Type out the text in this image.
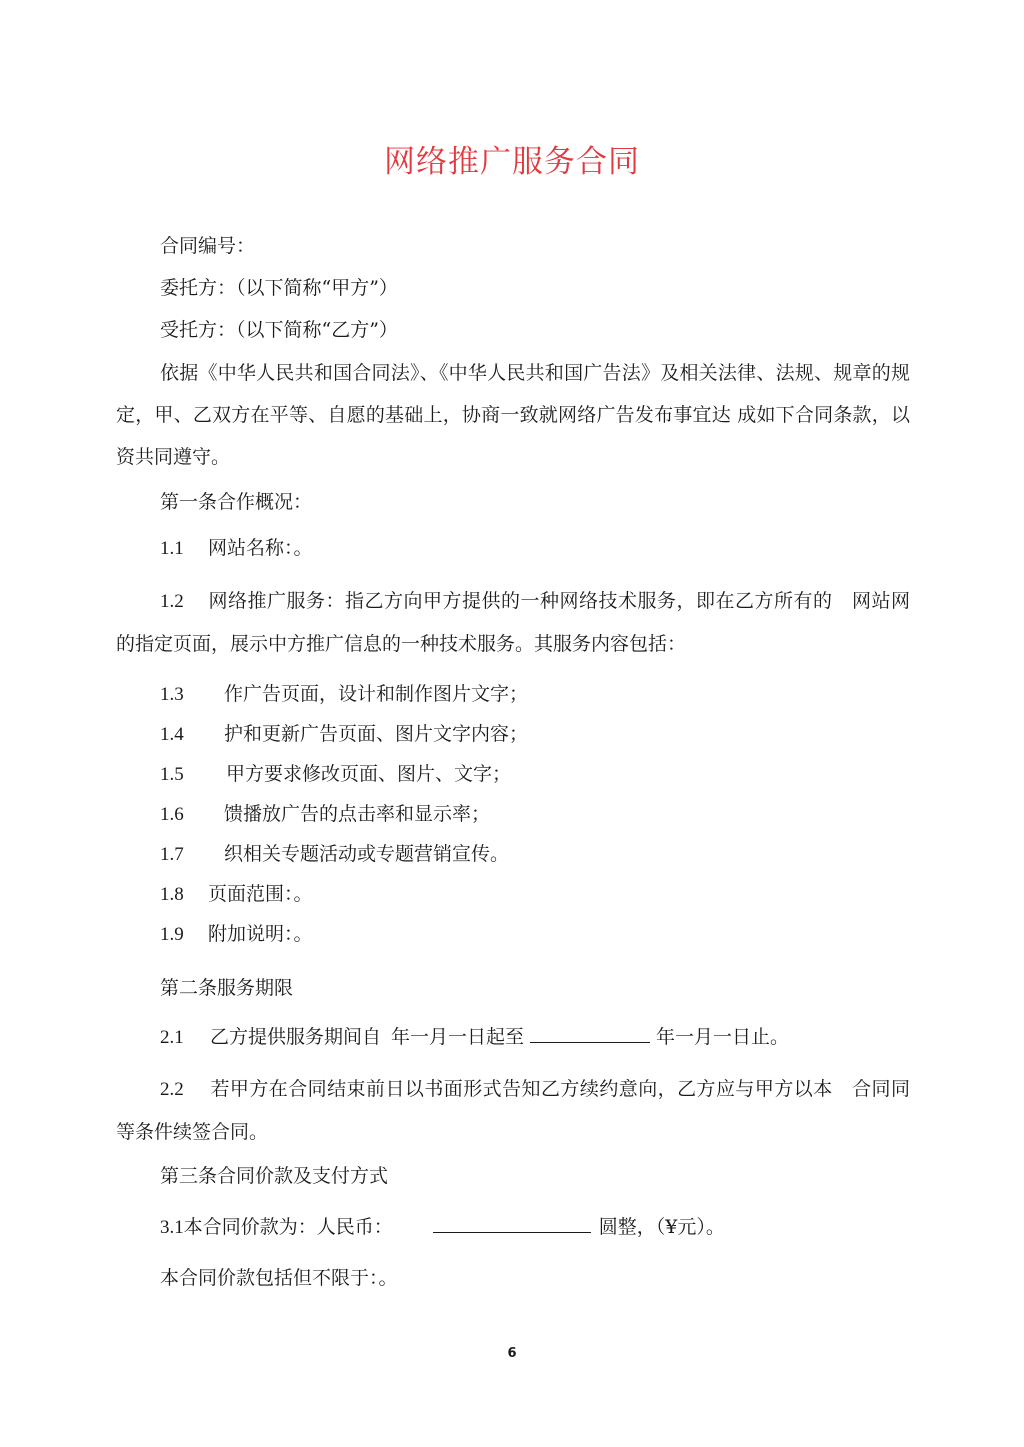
网络推广服务合同
合同编号：
委托方：（以下简称“甲方”）
受托方：（以下简称“乙方”）
依据《中华人民共和国合同法》、《中华人民共和国广告法》及相关法律、法规、规章的规定，甲、乙双方在平等、自愿的基础上，协商一致就网络广告发布事宜达 成如下合同条款，以资共同遵守。
第一条合作概况：
1.1 网站名称：。
1.2 网络推广服务：指乙方向甲方提供的一种网络技术服务，即在乙方所有的　网站网的指定页面，展示中方推广信息的一种技术服务。其服务内容包括：
1.3 作广告页面，设计和制作图片文字；
1.4 护和更新广告页面、图片文字内容；
1.5 甲方要求修改页面、图片、文字；
1.6 馈播放广告的点击率和显示率；
1.7 织相关专题活动或专题营销宣传。
1.8 页面范围：。
1.9 附加说明：。
第二条服务期限
2.1 乙方提供服务期间自 年一月一日起至	年一月一日止。
2.2 若甲方在合同结束前日以书面形式告知乙方续约意向，乙方应与甲方以本　合同同等条件续签合同。
第三条合同价款及支付方式
3.1本合同价款为：人民币：	圆整，（¥元）。
本合同价款包括但不限于：。
6
